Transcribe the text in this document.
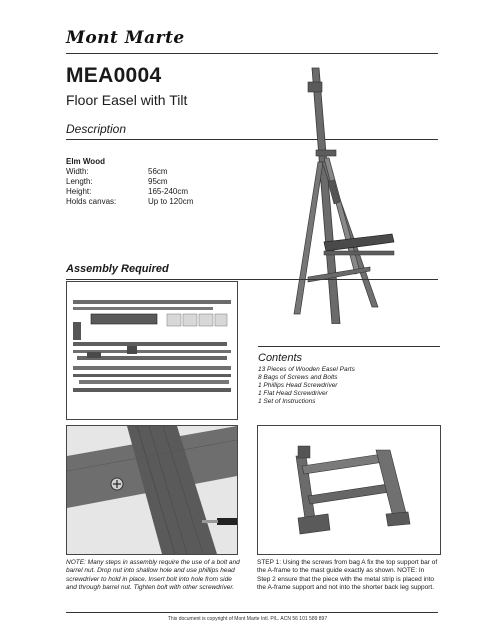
Mont Marte
MEA0004
Floor Easel with Tilt
Description
Elm Wood
Width:	56cm
Length:	95cm
Height:	165-240cm
Holds canvas:	Up to 120cm
Assembly Required
Contents
13 Pieces of Wooden Easel Parts
8 Bags of Screws and Bolts
1 Phillips Head Screwdriver
1 Flat Head Screwdriver
1 Set of Instructions
NOTE: Many steps in assembly require the use of a bolt and barrel nut. Drop nut into shallow hole and use phillips head screwdriver to hold in place. Insert bolt into hole from side and through barrel nut. Tighten bolt with other screwdriver.
STEP 1: Using the screws from bag A fix the top support bar of the A-frame to the mast guide exactly as shown. NOTE: In Step 2 ensure that the piece with the metal strip is placed into the A-frame support and not into the shorter back leg support.
This document is copyright of Mont Marte Intl. P/L. ACN 56 101 589 897
